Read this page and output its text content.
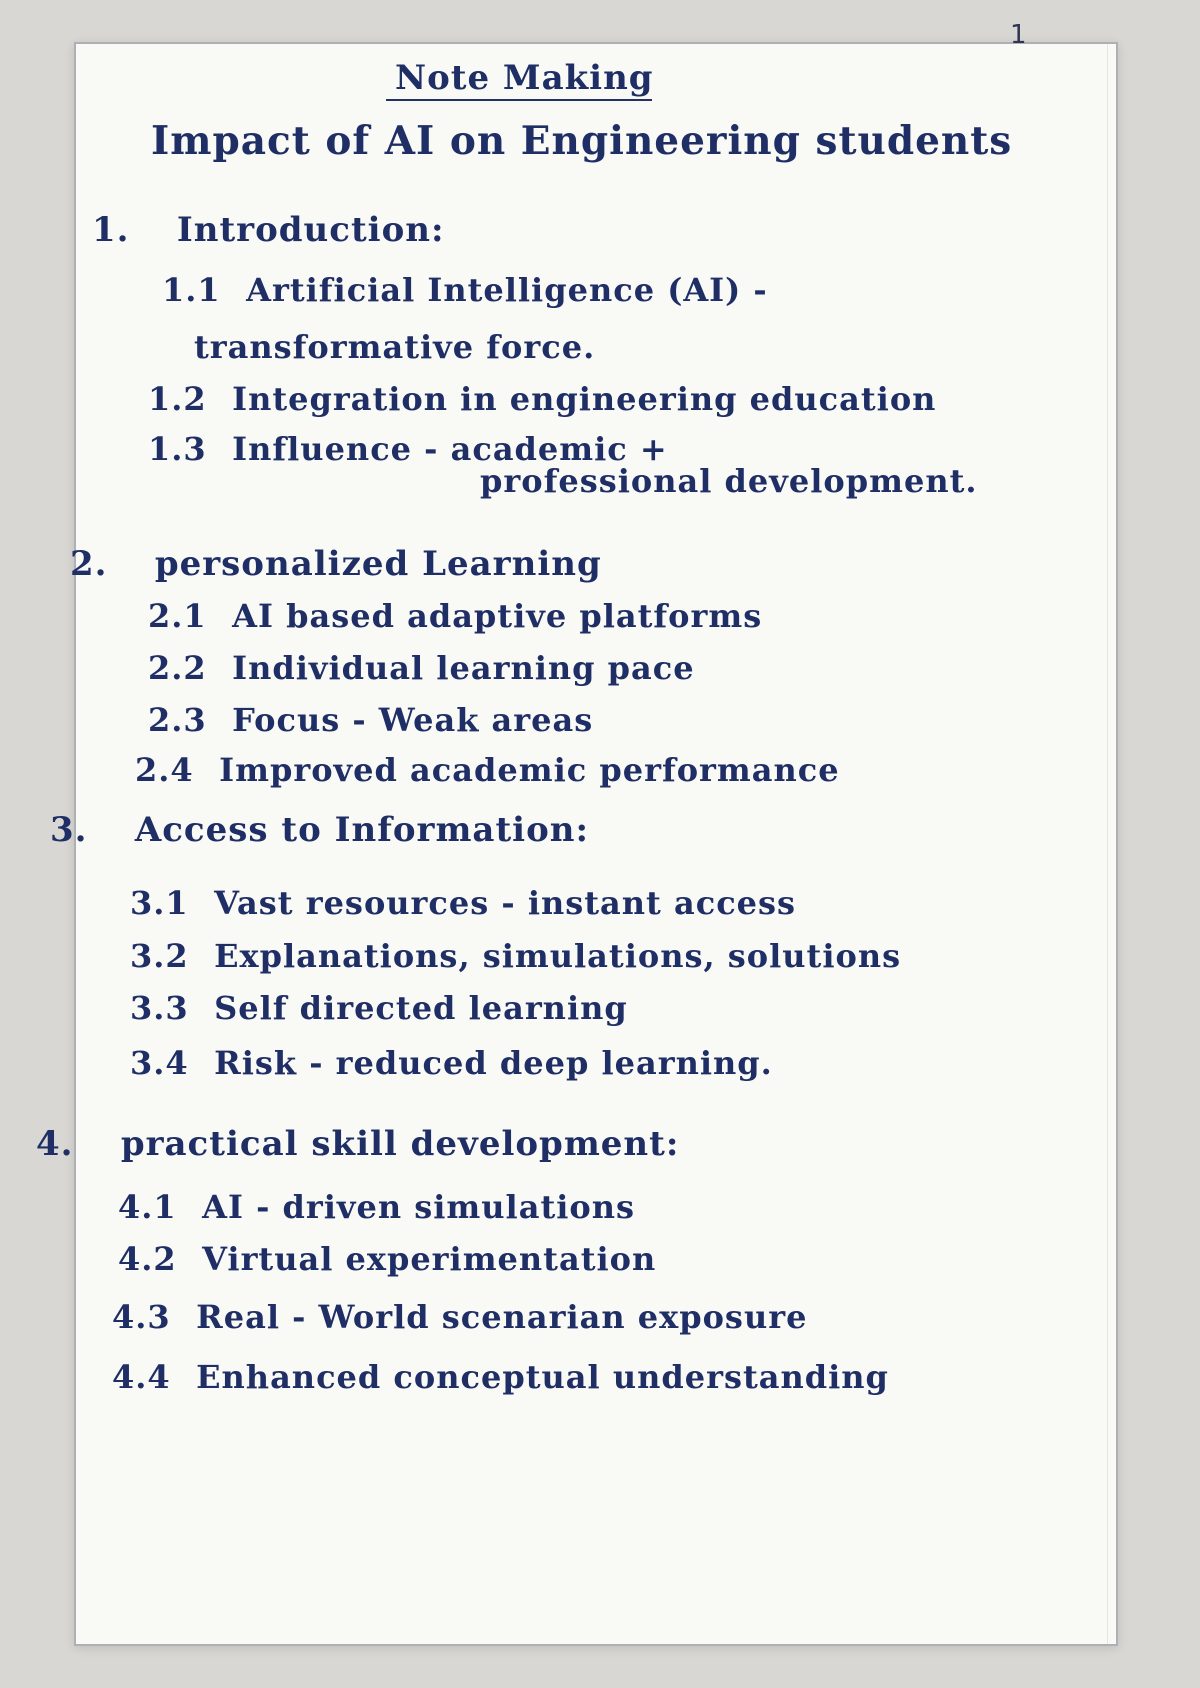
1
Note Making
Impact of AI on Engineering students
1. Introduction:
1.1 Artificial Intelligence (AI) -
transformative force.
1.2 Integration in engineering education
1.3 Influence - academic +
professional development.
2. personalized Learning
2.1 AI based adaptive platforms
2.2 Individual learning pace
2.3 Focus - Weak areas
2.4 Improved academic performance
3. Access to Information:
3.1 Vast resources - instant access
3.2 Explanations, simulations, solutions
3.3 Self directed learning
3.4 Risk - reduced deep learning.
4. practical skill development:
4.1 AI - driven simulations
4.2 Virtual experimentation
4.3 Real - World scenarian exposure
4.4 Enhanced conceptual understanding
